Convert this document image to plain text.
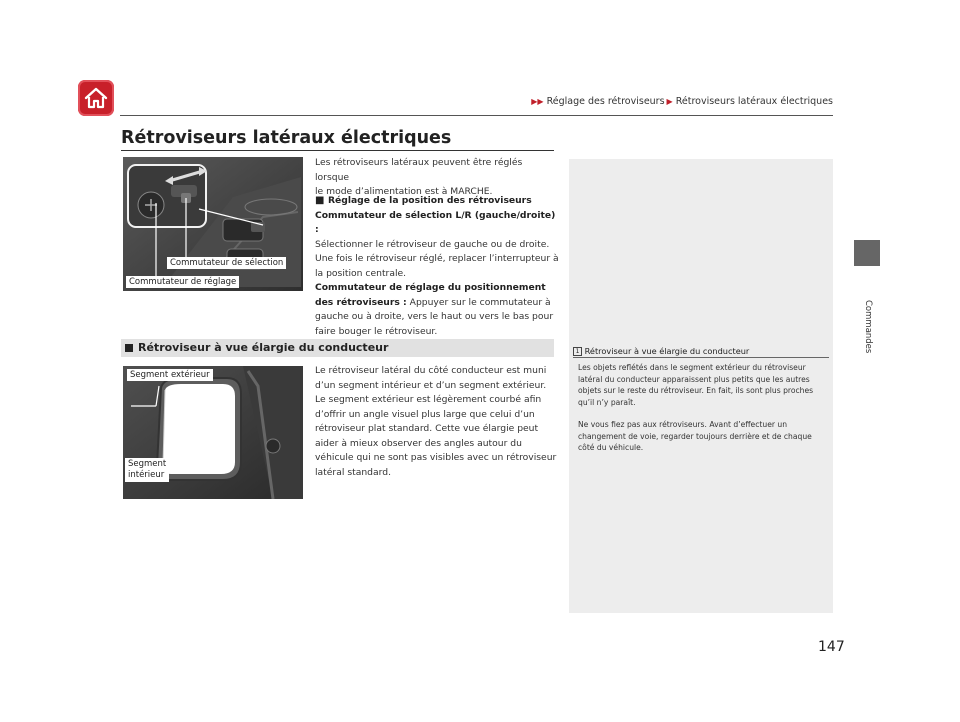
▶▶ Réglage des rétroviseurs ▶ Rétroviseurs latéraux électriques
Commandes
Rétroviseurs latéraux électriques
Commutateur de sélection
Commutateur de réglage
Les rétroviseurs latéraux peuvent être réglés lorsque
le mode d’alimentation est à MARCHE.
■ Réglage de la position des rétroviseurs
Commutateur de sélection L/R (gauche/droite) :
Sélectionner le rétroviseur de gauche ou de droite.
Une fois le rétroviseur réglé, replacer l’interrupteur à
la position centrale.
Commutateur de réglage du positionnement
des rétroviseurs : Appuyer sur le commutateur à
gauche ou à droite, vers le haut ou vers le bas pour
faire bouger le rétroviseur.
1 Rétroviseur à vue élargie du conducteur
Les objets reflétés dans le segment extérieur du rétroviseur
latéral du conducteur apparaissent plus petits que les autres
objets sur le reste du rétroviseur. En fait, ils sont plus proches
qu’il n’y paraît.
Ne vous fiez pas aux rétroviseurs. Avant d’effectuer un
changement de voie, regarder toujours derrière et de chaque
côté du véhicule.
Rétroviseur à vue élargie du conducteur
Segment extérieur
Segment
intérieur
Le rétroviseur latéral du côté conducteur est muni
d’un segment intérieur et d’un segment extérieur.
Le segment extérieur est légèrement courbé afin
d’offrir un angle visuel plus large que celui d’un
rétroviseur plat standard. Cette vue élargie peut
aider à mieux observer des angles autour du
véhicule qui ne sont pas visibles avec un rétroviseur
latéral standard.
147
